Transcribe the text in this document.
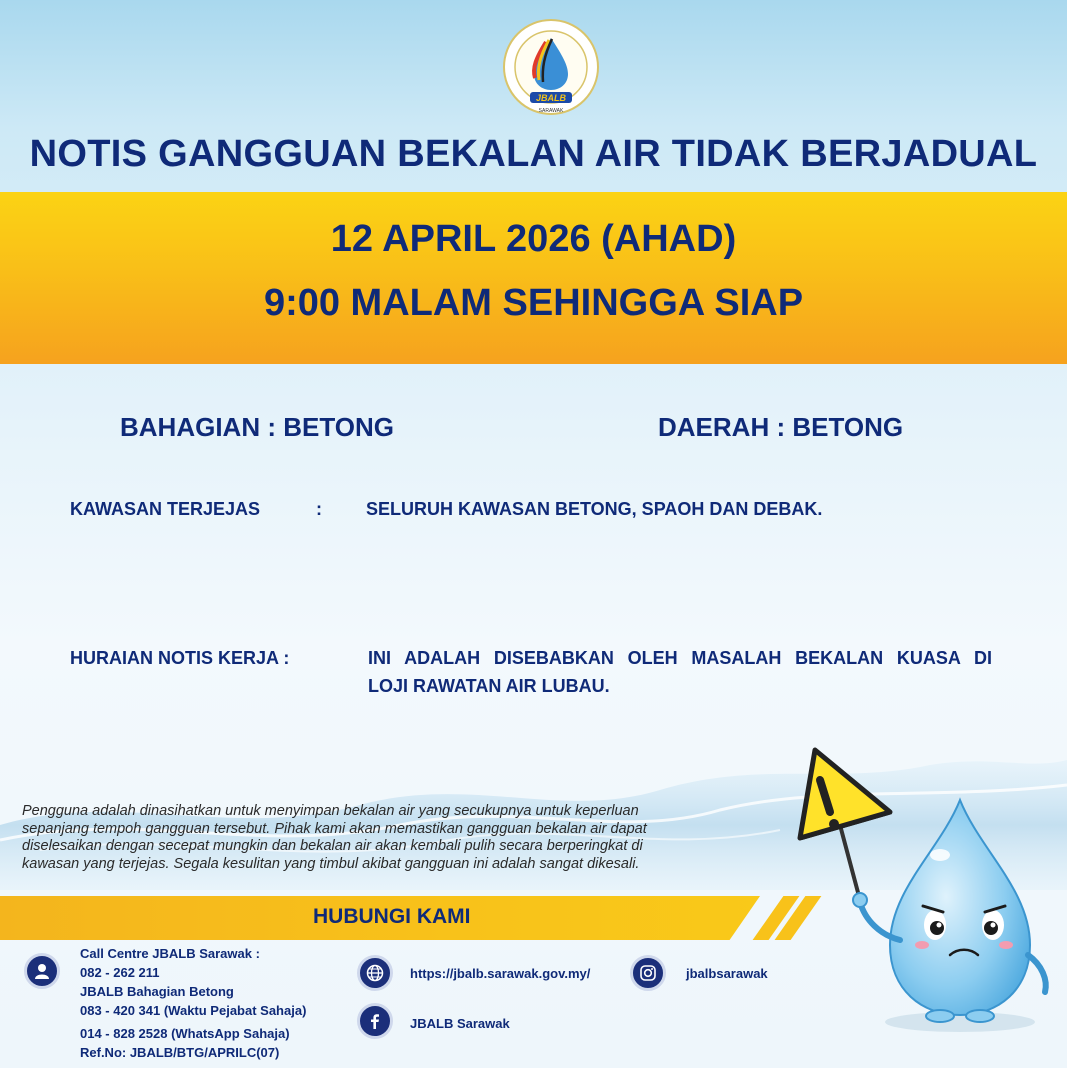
JBALB
SARAWAK
NOTIS GANGGUAN BEKALAN AIR TIDAK BERJADUAL
12 APRIL 2026 (AHAD)
9:00 MALAM SEHINGGA SIAP
BAHAGIAN : BETONG	DAERAH : BETONG
KAWASAN TERJEJAS	: SELURUH KAWASAN BETONG, SPAOH DAN DEBAK.
HURAIAN NOTIS KERJA :	INI ADALAH DISEBABKAN OLEH MASALAH BEKALAN KUASA DI
LOJI RAWATAN AIR LUBAU.
Pengguna adalah dinasihatkan untuk menyimpan bekalan air yang secukupnya untuk keperluan
sepanjang tempoh gangguan tersebut. Pihak kami akan memastikan gangguan bekalan air dapat
diselesaikan dengan secepat mungkin dan bekalan air akan kembali pulih secara berperingkat di
kawasan yang terjejas. Segala kesulitan yang timbul akibat gangguan ini adalah sangat dikesali.
HUBUNGI KAMI
Call Centre JBALB Sarawak :
082 - 262 211
JBALB Bahagian Betong
083 - 420 341 (Waktu Pejabat Sahaja)
014 - 828 2528 (WhatsApp Sahaja)
Ref.No: JBALB/BTG/APRILC(07)
https://jbalb.sarawak.gov.my/
JBALB Sarawak
jbalbsarawak
